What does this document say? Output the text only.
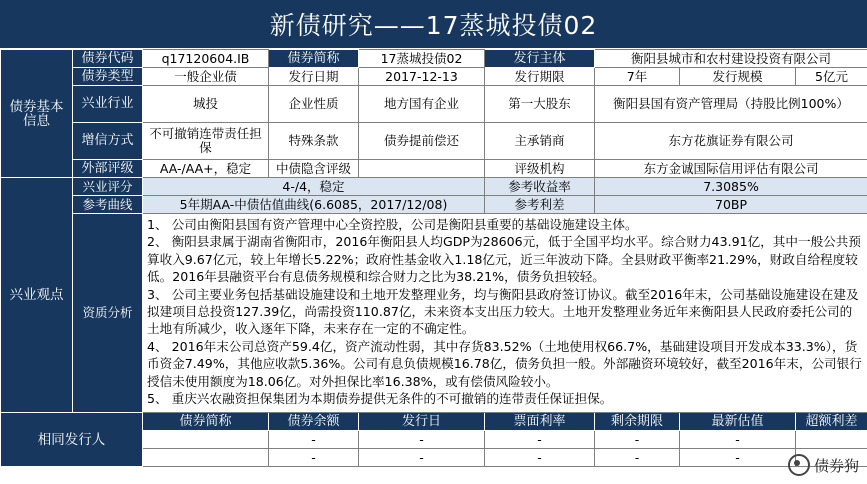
新债研究——17蒸城投债02
债券基本信息	债券代码	q17120604.IB	债券简称	17蒸城投债02	发行主体	衡阳县城市和农村建设投资有限公司		
	债券类型	一般企业债	发行日期	2017-12-13	发行期限	7年	发行规模	5亿元
	兴业行业	城投	企业性质	地方国有企业	第一大股东	衡阳县国有资产管理局（持股比例100%）		
	增信方式	不可撤销连带责任担保	特殊条款	债券提前偿还	主承销商	东方花旗证券有限公司		
	外部评级	AA-/AA+，稳定	中债隐含评级		评级机构	东方金诚国际信用评估有限公司		
兴业观点	兴业评分	4-/4，稳定			参考收益率	7.3085%		
	参考曲线	5年期AA-中债估值曲线(6.6085，2017/12/08)			参考利差	70BP		
	资质分析	1、 公司由衡阳县国有资产管理中心全资控股，公司是衡阳县重要的基础设施建设主体。
2、 衡阳县隶属于湖南省衡阳市，2016年衡阳县人均GDP为28606元，低于全国平均水平。综合财力43.91亿，其中一般公共预算收入9.67亿元，较上年增长5.22%；政府性基金收入1.18亿元，近三年波动下降。全县财政平衡率21.29%，财政自给程度较低。2016年县融资平台有息债务规模和综合财力之比为38.21%，债务负担较轻。
3、 公司主要业务包括基础设施建设和土地开发整理业务，均与衡阳县政府签订协议。截至2016年末，公司基础设施建设在建及拟建项目总投资127.39亿，尚需投资110.87亿，未来资本支出压力较大。土地开发整理业务近年来衡阳县人民政府委托公司的土地有所减少，收入逐年下降，未来存在一定的不确定性。
4、 2016年末公司总资产59.4亿，资产流动性弱，其中存货83.52%（土地使用权66.7%，基础建设项目开发成本33.3%），货币资金7.49%，其他应收款5.36%。公司有息负债规模16.78亿，债务负担一般。外部融资环境较好，截至2016年末，公司银行授信未使用额度为18.06亿。对外担保比率16.38%，或有偿债风险较小。
5、 重庆兴农融资担保集团为本期债券提供无条件的不可撤销的连带责任保证担保。						

相同发行人		债券简称	债券余额	发行日	票面利率	剩余期限	最新估值	超额利差
			-	-	-	-	-	
			-	-	-	-	-		债券狗
